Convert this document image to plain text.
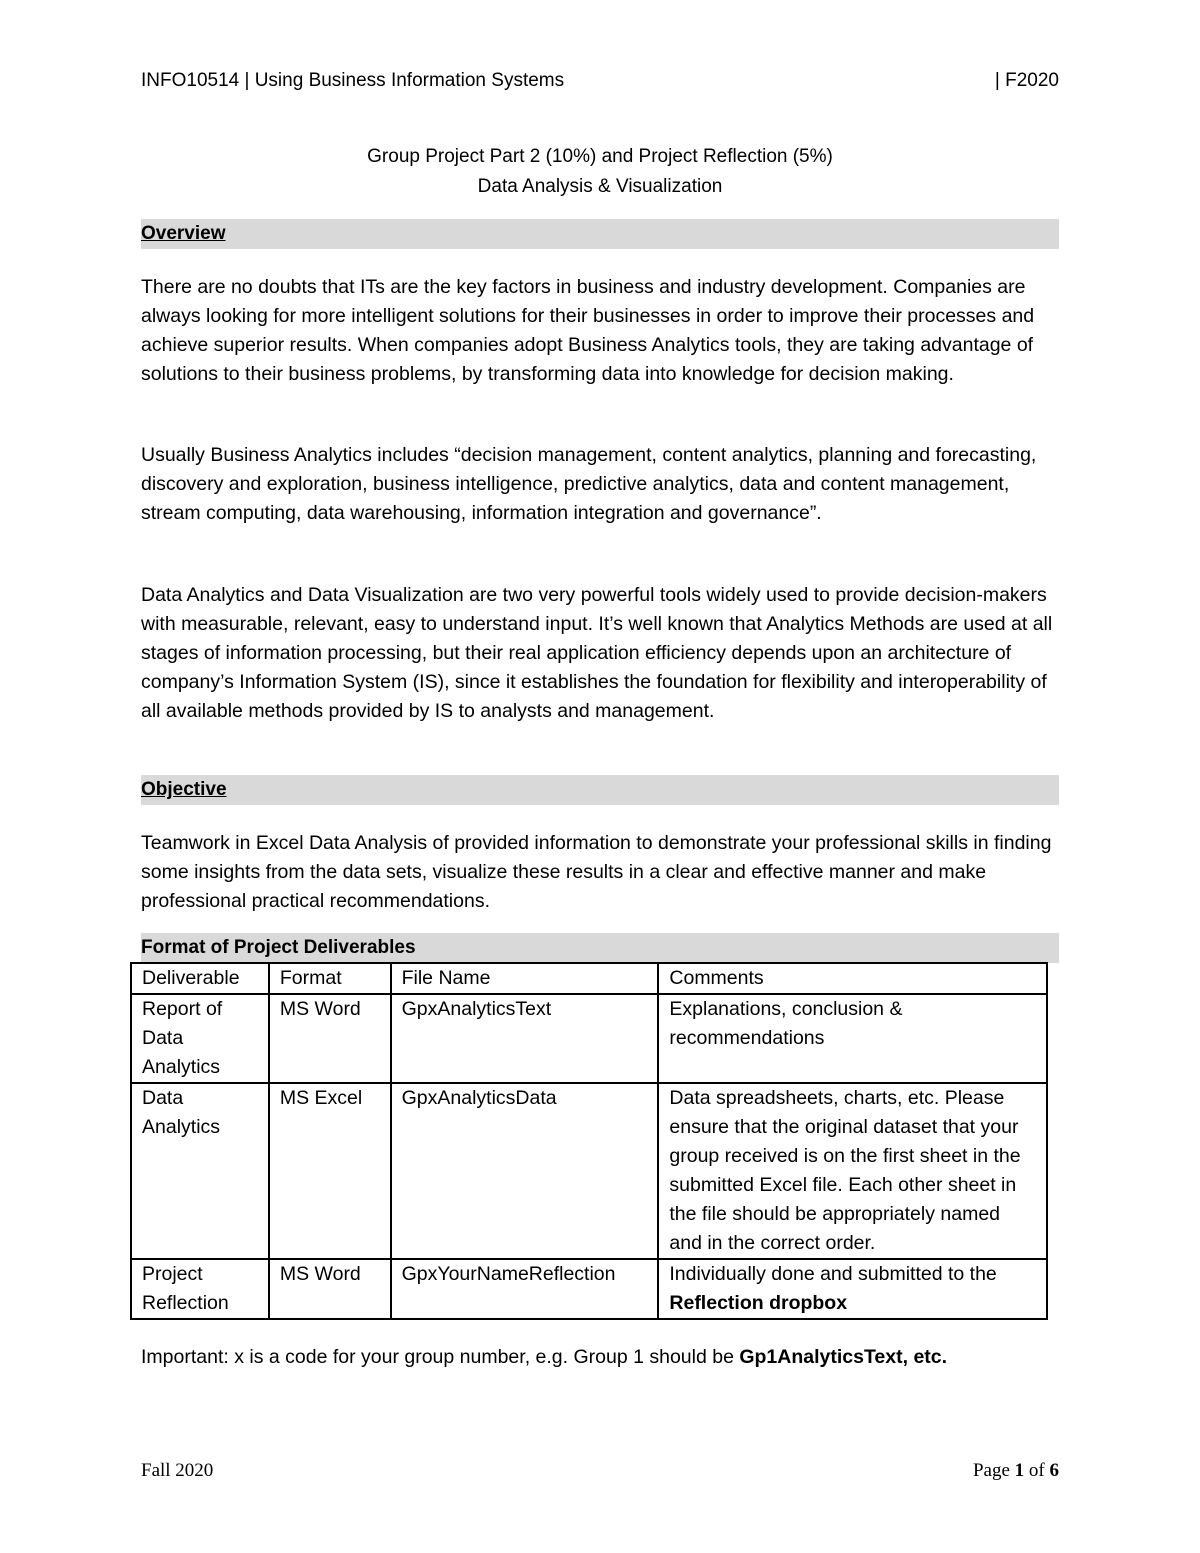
INFO10514 | Using Business Information Systems	| F2020
Group Project Part 2 (10%) and Project Reflection (5%)
Data Analysis & Visualization
Overview
There are no doubts that ITs are the key factors in business and industry development. Companies are always looking for more intelligent solutions for their businesses in order to improve their processes and achieve superior results. When companies adopt Business Analytics tools, they are taking advantage of solutions to their business problems, by transforming data into knowledge for decision making.
Usually Business Analytics includes “decision management, content analytics, planning and forecasting, discovery and exploration, business intelligence, predictive analytics, data and content management, stream computing, data warehousing, information integration and governance”.
Data Analytics and Data Visualization are two very powerful tools widely used to provide decision-makers with measurable, relevant, easy to understand input. It’s well known that Analytics Methods are used at all stages of information processing, but their real application efficiency depends upon an architecture of company’s Information System (IS), since it establishes the foundation for flexibility and interoperability of all available methods provided by IS to analysts and management.
Objective
Teamwork in Excel Data Analysis of provided information to demonstrate your professional skills in finding some insights from the data sets, visualize these results in a clear and effective manner and make professional practical recommendations.
Format of Project Deliverables
Deliverable	Format	File Name	Comments
Report of Data Analytics	MS Word	GpxAnalyticsText	Explanations, conclusion & recommendations
Data Analytics	MS Excel	GpxAnalyticsData	Data spreadsheets, charts, etc. Please ensure that the original dataset that your group received is on the first sheet in the submitted Excel file. Each other sheet in the file should be appropriately named and in the correct order.
Project Reflection	MS Word	GpxYourNameReflection	Individually done and submitted to the Reflection dropbox
Important: x is a code for your group number, e.g. Group 1 should be Gp1AnalyticsText, etc.
Fall 2020	Page 1 of 6
